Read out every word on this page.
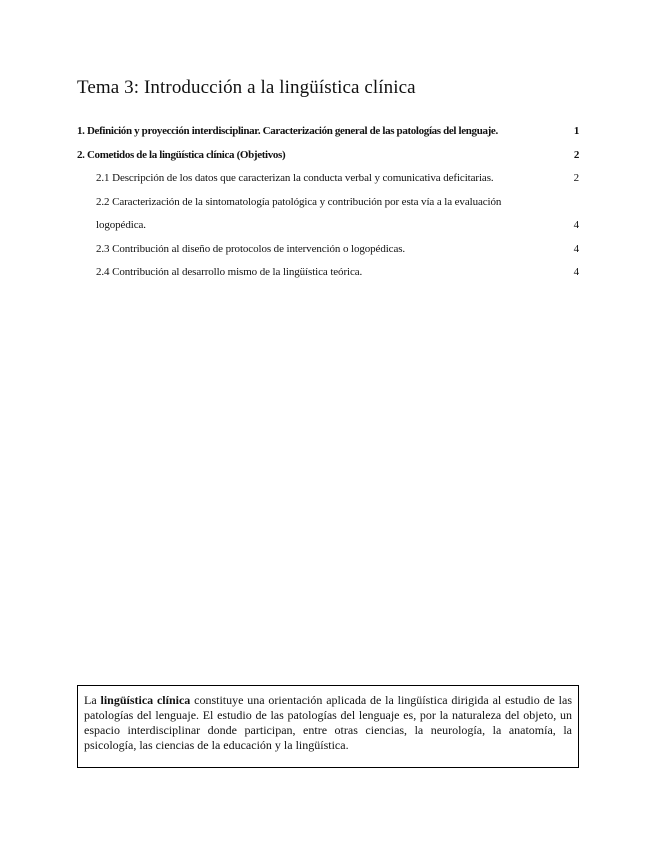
Tema 3: Introducción a la lingüística clínica
1. Definición y proyección interdisciplinar. Caracterización general de las patologías del lenguaje.	1
2. Cometidos de la lingüística clínica (Objetivos)	2
2.1 Descripción de los datos que caracterizan la conducta verbal y comunicativa deficitarias.	2
2.2 Caracterización de la sintomatología patológica y contribución por esta vía a la evaluación logopédica.	4
2.3 Contribución al diseño de protocolos de intervención o logopédicas.	4
2.4 Contribución al desarrollo mismo de la lingüística teórica.	4
La lingüística clínica constituye una orientación aplicada de la lingüística dirigida al estudio de las patologías del lenguaje. El estudio de las patologías del lenguaje es, por la naturaleza del objeto, un espacio interdisciplinar donde participan, entre otras ciencias, la neurología, la anatomía, la psicología, las ciencias de la educación y la lingüística.
